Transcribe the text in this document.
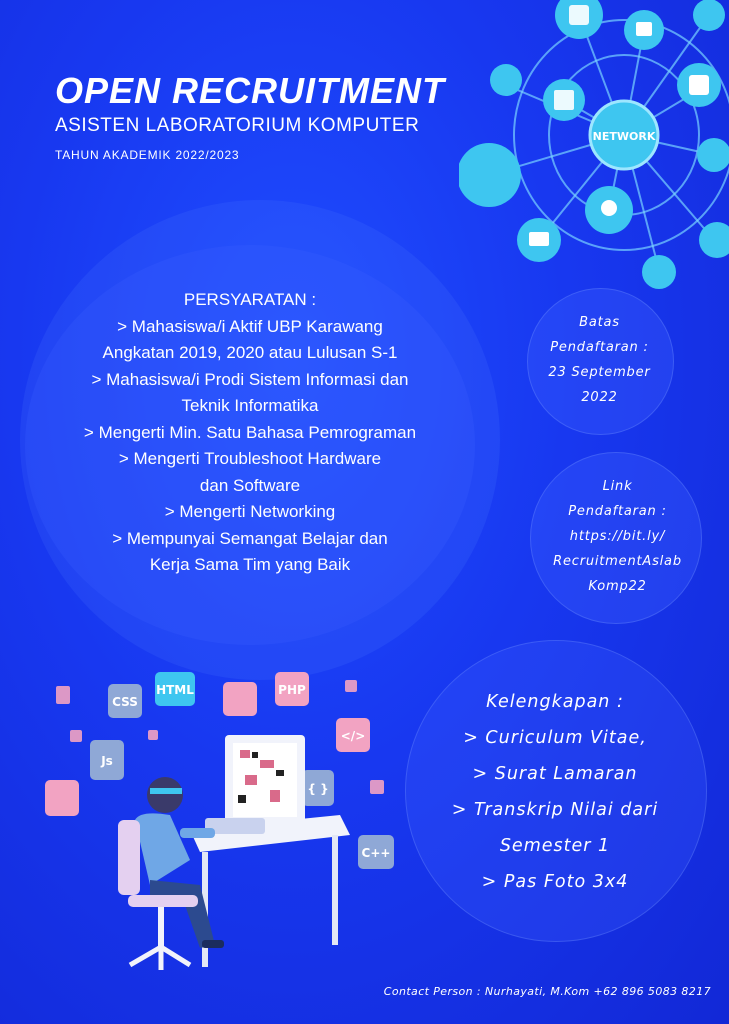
OPEN RECRUITMENT
ASISTEN LABORATORIUM KOMPUTER
TAHUN AKADEMIK 2022/2023
NETWORK
PERSYARATAN :
> Mahasiswa/i Aktif UBP Karawang
Angkatan 2019, 2020 atau Lulusan S-1
> Mahasiswa/i Prodi Sistem Informasi dan
Teknik Informatika
> Mengerti Min. Satu Bahasa Pemrograman
> Mengerti Troubleshoot Hardware
dan Software
> Mengerti Networking
> Mempunyai Semangat Belajar dan
Kerja Sama Tim yang Baik
Batas
Pendaftaran :
23 September
2022
Link
Pendaftaran :
https://bit.ly/
RecruitmentAslab
Komp22
Kelengkapan :
> Curiculum Vitae,
> Surat Lamaran
> Transkrip Nilai dari
Semester 1
> Pas Foto 3x4
CSS
HTML	PHP
Js
{ }
</>
C++
Contact Person : Nurhayati, M.Kom +62 896 5083 8217
